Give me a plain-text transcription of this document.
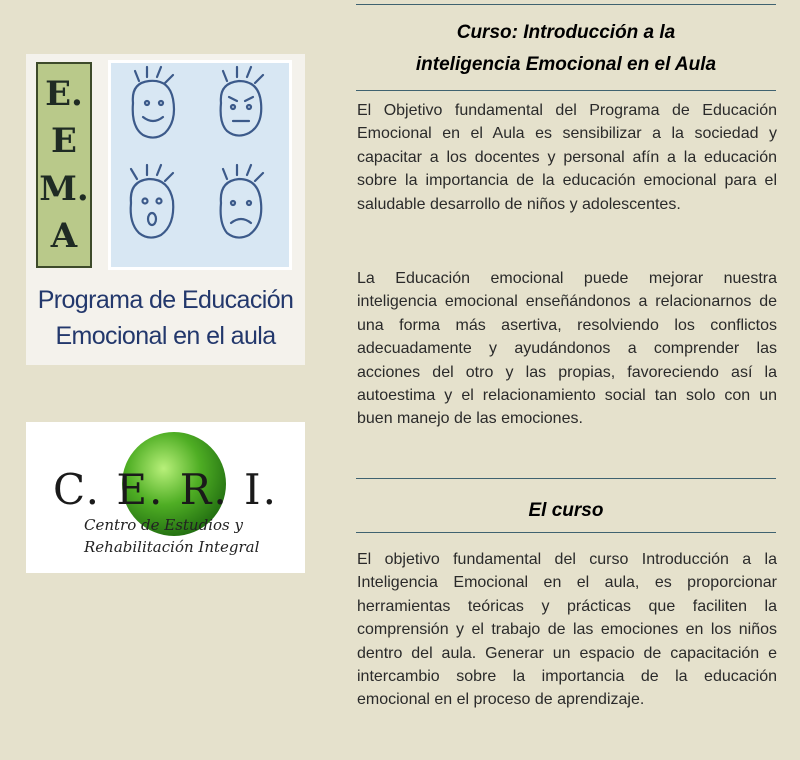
E.
E
M.
A
Programa de Educación
Emocional en el aula
C. E. R. I.
Centro de Estudios y
Rehabilitación Integral
Curso: Introducción a la
inteligencia Emocional en el Aula

El Objetivo fundamental del Programa de Educación Emocional en el Aula es sensibilizar a la sociedad y capacitar a los docentes y personal afín a la educación sobre la importancia de la educación emocional para el saludable desarrollo de niños y adolescentes.

La Educación emocional puede mejorar nuestra inteligencia emocional enseñándonos a relacionarnos de una forma más asertiva, resolviendo los conflictos adecuadamente y ayudándonos a comprender las acciones del otro y las propias, favoreciendo así la autoestima y el relacionamiento social tan solo con un buen manejo de las emociones.

El curso

El objetivo fundamental del curso Introducción a la Inteligencia Emocional en el aula, es proporcionar herramientas teóricas y prácticas que faciliten la comprensión y el trabajo de las emociones en los niños dentro del aula. Generar un espacio de capacitación e intercambio sobre la importancia de la educación emocional en el proceso de aprendizaje.
